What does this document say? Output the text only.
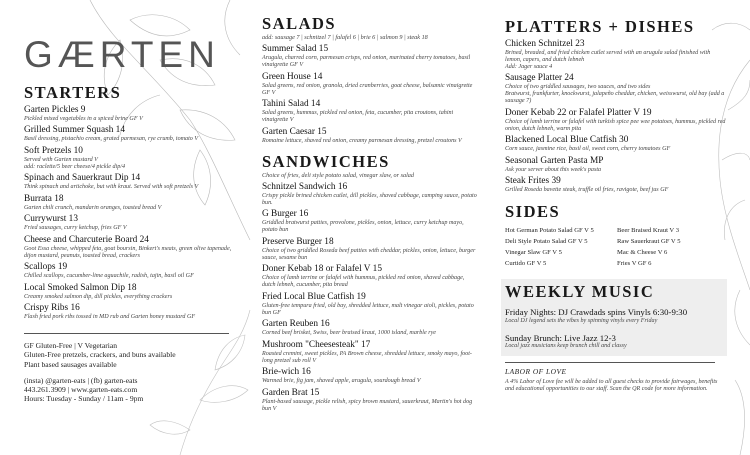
GÆRTEN
STARTERS
Garten Pickles 9
Pickled mixed vegetables in a spiced brine GF V
Grilled Summer Squash 14
Basil dressing, pistachio cream, grated parmesan, rye crumb, tomato V
Soft Pretzels 10
Served with Garten mustard V
add: raclette/5 beer cheese/4 pickle dip/4
Spinach and Sauerkraut Dip 14
Think spinach and artichoke, but with kraut. Served with soft pretzels V
Burrata 18
Garten chili crunch, mandarin oranges, toasted bread V
Currywurst 13
Fried sausages, curry ketchup, fries GF V
Cheese and Charcuterie Board 24
Goot Essa cheese, whipped feta, goat boursin, Binkert's meats, green olive tapenade, dijon mustard, peanuts, toasted bread, crackers
Scallops 19
Chilled scallops, cucumber-lime aguachile, radish, tajin, basil oil GF
Local Smoked Salmon Dip 18
Creamy smoked salmon dip, dill pickles, everything crackers
Crispy Ribs 16
Flash fried pork ribs tossed in MD rub and Garten honey mustard GF
GF Gluten-Free | V Vegetarian
Gluten-Free pretzels, crackers, and buns available
Plant based sausages available
(insta) @garten-eats | (fb) garten-eats
443.261.3909 | www.garten-eats.com
Hours: Tuesday - Sunday / 11am - 9pm
SALADS
add: sausage 7 | schnitzel 7 | falafel 6 | brie 6 | salmon 9 | steak 18
Summer Salad 15
Arugula, charred corn, parmesan crisps, red onion, marinated cherry tomatoes, basil vinaigrette GF V
Green House 14
Salad greens, red onion, granola, dried cranberries, goat cheese, balsamic vinaigrette GF V
Tahini Salad 14
Salad greens, hummus, pickled red onion, feta, cucumber, pita croutons, tahini vinaigrette V
Garten Caesar 15
Romaine lettuce, shaved red onion, creamy parmesan dressing, pretzel croutons V
SANDWICHES
Choice of fries, deli style potato salad, vinegar slaw, or salad
Schnitzel Sandwich 16
Crispy pickle brined chicken cutlet, dill pickles, shaved cabbage, camping sauce, potato bun.
G Burger 16
Griddled bratwurst patties, provolone, pickles, onion, lettuce, curry ketchup mayo, potato bun
Preserve Burger 18
Choice of two griddled Roseda beef patties with cheddar, pickles, onion, lettuce, burger sauce, sesame bun
Doner Kebab 18 or Falafel V 15
Choice of lamb terrine or falafel with hummus, pickled red onion, shaved cabbage, dutch lebneh, cucumber, pita bread
Fried Local Blue Catfish 19
Gluten-free tempura fried, old bay, shredded lettuce, malt vinegar aioli, pickles, potato bun GF
Garten Reuben 16
Corned beef brisket, Swiss, beer braised kraut, 1000 island, marble rye
Mushroom "Cheesesteak" 17
Roasted cremini, sweet pickles, PA Brown cheese, shredded lettuce, smoky mayo, foot-long pretzel sub roll V
Brie-wich 16
Warmed brie, fig jam, shaved apple, arugula, sourdough bread V
Garden Brat 15
Plant-based sausage, pickle relish, spicy brown mustard, sauerkraut, Martin's hot dog bun V
PLATTERS + DISHES
Chicken Schnitzel 23
Brined, breaded, and fried chicken cutlet served with an arugula salad finished with lemon, capers, and dutch lebneh
Add: Jager sauce 4
Sausage Platter 24
Choice of two griddled sausages, two sauces, and two sides
Bratwurst, frankfurter, knockwurst, jalapeño cheddar, chicken, weisswurst, old bay (add a sausage 7)
Doner Kebab 22 or Falafel Platter V 19
Choice of lamb terrine or falafel with turkish spice pee wee potatoes, hummus, pickled red onion, dutch lebneh, warm pita
Blackened Local Blue Catfish 30
Corn sauce, jasmine rice, basil oil, sweet corn, cherry tomatoes GF
Seasonal Garten Pasta MP
Ask your server about this week's pasta
Steak Frites 39
Grilled Roseda bavette steak, truffle oil fries, ravigote, beef jus GF
SIDES
Hot German Potato Salad GF V 5	Beer Braised Kraut V 3
Deli Style Potato Salad GF V 5	Raw Sauerkraut GF V 5
Vinegar Slaw GF V 5	Mac & Cheese V 6
Curtido GF V 5	Fries V GF 6
WEEKLY MUSIC
Friday Nights: DJ Crawdads spins Vinyls 6:30-9:30
Local DJ legend sets the vibes by spinning vinyls every Friday
Sunday Brunch: Live Jazz 12-3
Local jazz musicians keep brunch chill and classy
LABOR OF LOVE
A 4% Labor of Love fee will be added to all guest checks to provide fairwages, benefits and educational opportunities to our staff. Scan the QR code for more information.
